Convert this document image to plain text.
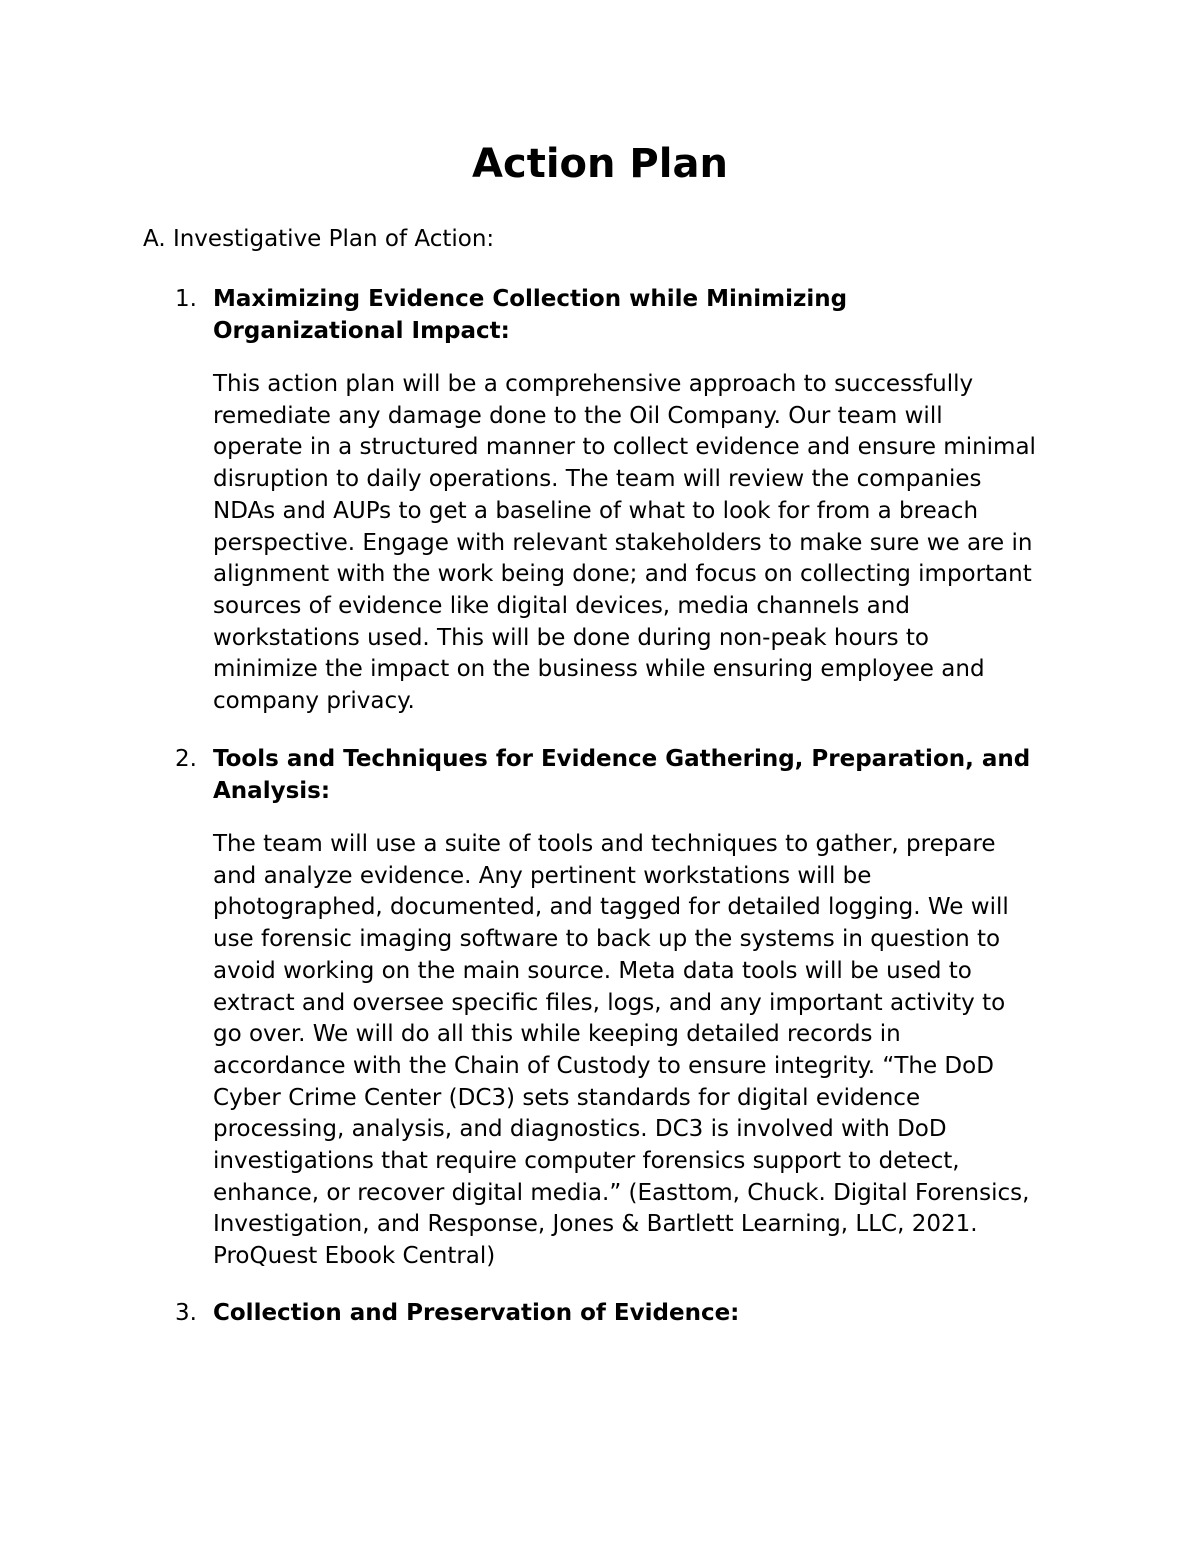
Action Plan

A. Investigative Plan of Action:

1. Maximizing Evidence Collection while Minimizing
Organizational Impact:

This action plan will be a comprehensive approach to successfully
remediate any damage done to the Oil Company. Our team will
operate in a structured manner to collect evidence and ensure minimal
disruption to daily operations. The team will review the companies
NDAs and AUPs to get a baseline of what to look for from a breach
perspective. Engage with relevant stakeholders to make sure we are in
alignment with the work being done; and focus on collecting important
sources of evidence like digital devices, media channels and
workstations used. This will be done during non-peak hours to
minimize the impact on the business while ensuring employee and
company privacy.

2. Tools and Techniques for Evidence Gathering, Preparation, and
Analysis:

The team will use a suite of tools and techniques to gather, prepare
and analyze evidence. Any pertinent workstations will be
photographed, documented, and tagged for detailed logging. We will
use forensic imaging software to back up the systems in question to
avoid working on the main source. Meta data tools will be used to
extract and oversee specific files, logs, and any important activity to
go over. We will do all this while keeping detailed records in
accordance with the Chain of Custody to ensure integrity. “The DoD
Cyber Crime Center (DC3) sets standards for digital evidence
processing, analysis, and diagnostics. DC3 is involved with DoD
investigations that require computer forensics support to detect,
enhance, or recover digital media.” (Easttom, Chuck. Digital Forensics,
Investigation, and Response, Jones & Bartlett Learning, LLC, 2021.
ProQuest Ebook Central)

3. Collection and Preservation of Evidence:
